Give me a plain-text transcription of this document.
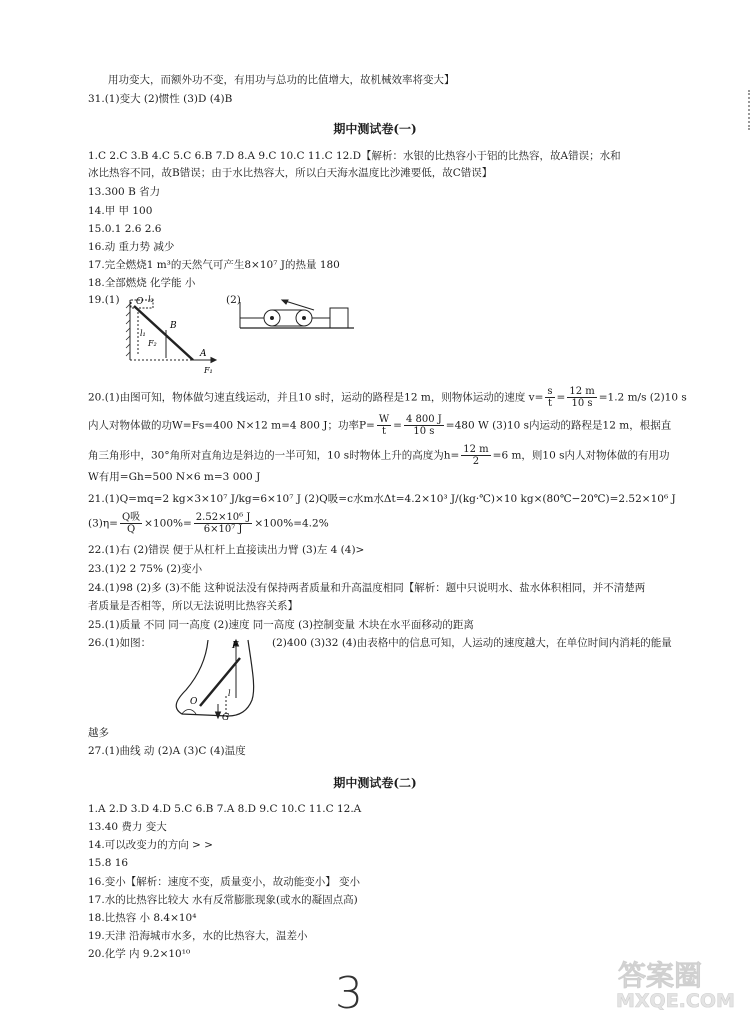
用功变大，而额外功不变，有用功与总功的比值增大，故机械效率将变大】
31.(1)变大 (2)惯性 (3)D (4)B
期中测试卷(一)
1.C 2.C 3.B 4.C 5.C 6.B 7.D 8.A 9.C 10.C 11.C 12.D【解析：水银的比热容小于铝的比热容，故A错误；水和
冰比热容不同，故B错误；由于水比热容大，所以白天海水温度比沙滩要低，故C错误】
13.300 B 省力
14.甲 甲 100
15.0.1 2.6 2.6
16.动 重力势 减少
17.完全燃烧1 m³的天然气可产生8×10⁷ J的热量 180
18.全部燃烧 化学能 小
19.(1)	(2)
O l₂
l₁
B
F₂
A
F₁
20.(1)由图可知，物体做匀速直线运动，并且10 s时，运动的路程是12 m，则物体运动的速度 $v= \frac{s}{t} = \frac{12 m}{10 s} =1.2$ m/s (2)10 s
内人对物体做的功W=Fs=400 N×12 m=4 800 J；功率$P= \frac{W}{t} = \frac{4 800 J}{10 s} =480$ W (3)10 s内运动的路程是12 m，根据直
角三角形中，30°角所对直角边是斜边的一半可知，10 s时物体上升的高度为$h= \frac{12 m}{2} =6$ m，则10 s内人对物体做的有用功
W有用=Gh=500 N×6 m=3 000 J
21.(1)Q=mq=2 kg×3×10⁷ J/kg=6×10⁷ J (2)Q吸=c水m水Δt=4.2×10³ J/(kg·℃)×10 kg×(80℃−20℃)=2.52×10⁶ J
$(3)\eta= \frac{\text{Q吸}}{Q} \times 100\%= \frac{\text{2.52×10⁶ J}}{\text{6×10⁷ J}} \times 100\%=4.2\%$
22.(1)右 (2)错误 便于从杠杆上直接读出力臂 (3)左 4 (4)>
23.(1)2 2 75% (2)变小
24.(1)98 (2)多 (3)不能 这种说法没有保持两者质量和升高温度相同【解析：题中只说明水、盐水体积相同，并不清楚两
者质量是否相等，所以无法说明比热容关系】
25.(1)质量 不同 同一高度 (2)速度 同一高度 (3)控制变量 木块在水平面移动的距离
26.(1)如图：	(2)400 (3)32 (4)由表格中的信息可知，人运动的速度越大，在单位时间内消耗的能量
F
O
l
G
越多
27.(1)曲线 动 (2)A (3)C (4)温度
期中测试卷(二)
1.A 2.D 3.D 4.D 5.C 6.B 7.A 8.D 9.C 10.C 11.C 12.A
13.40 费力 变大
14.可以改变力的方向 > >
15.8 16
16.变小【解析：速度不变，质量变小，故动能变小】 变小
17.水的比热容比较大 水有反常膨胀现象(或水的凝固点高)
18.比热容 小 8.4×10⁴
19.天津 沿海城市水多，水的比热容大，温差小
20.化学 内 9.2×10¹⁰
3	答案圈
MXQE.COM
